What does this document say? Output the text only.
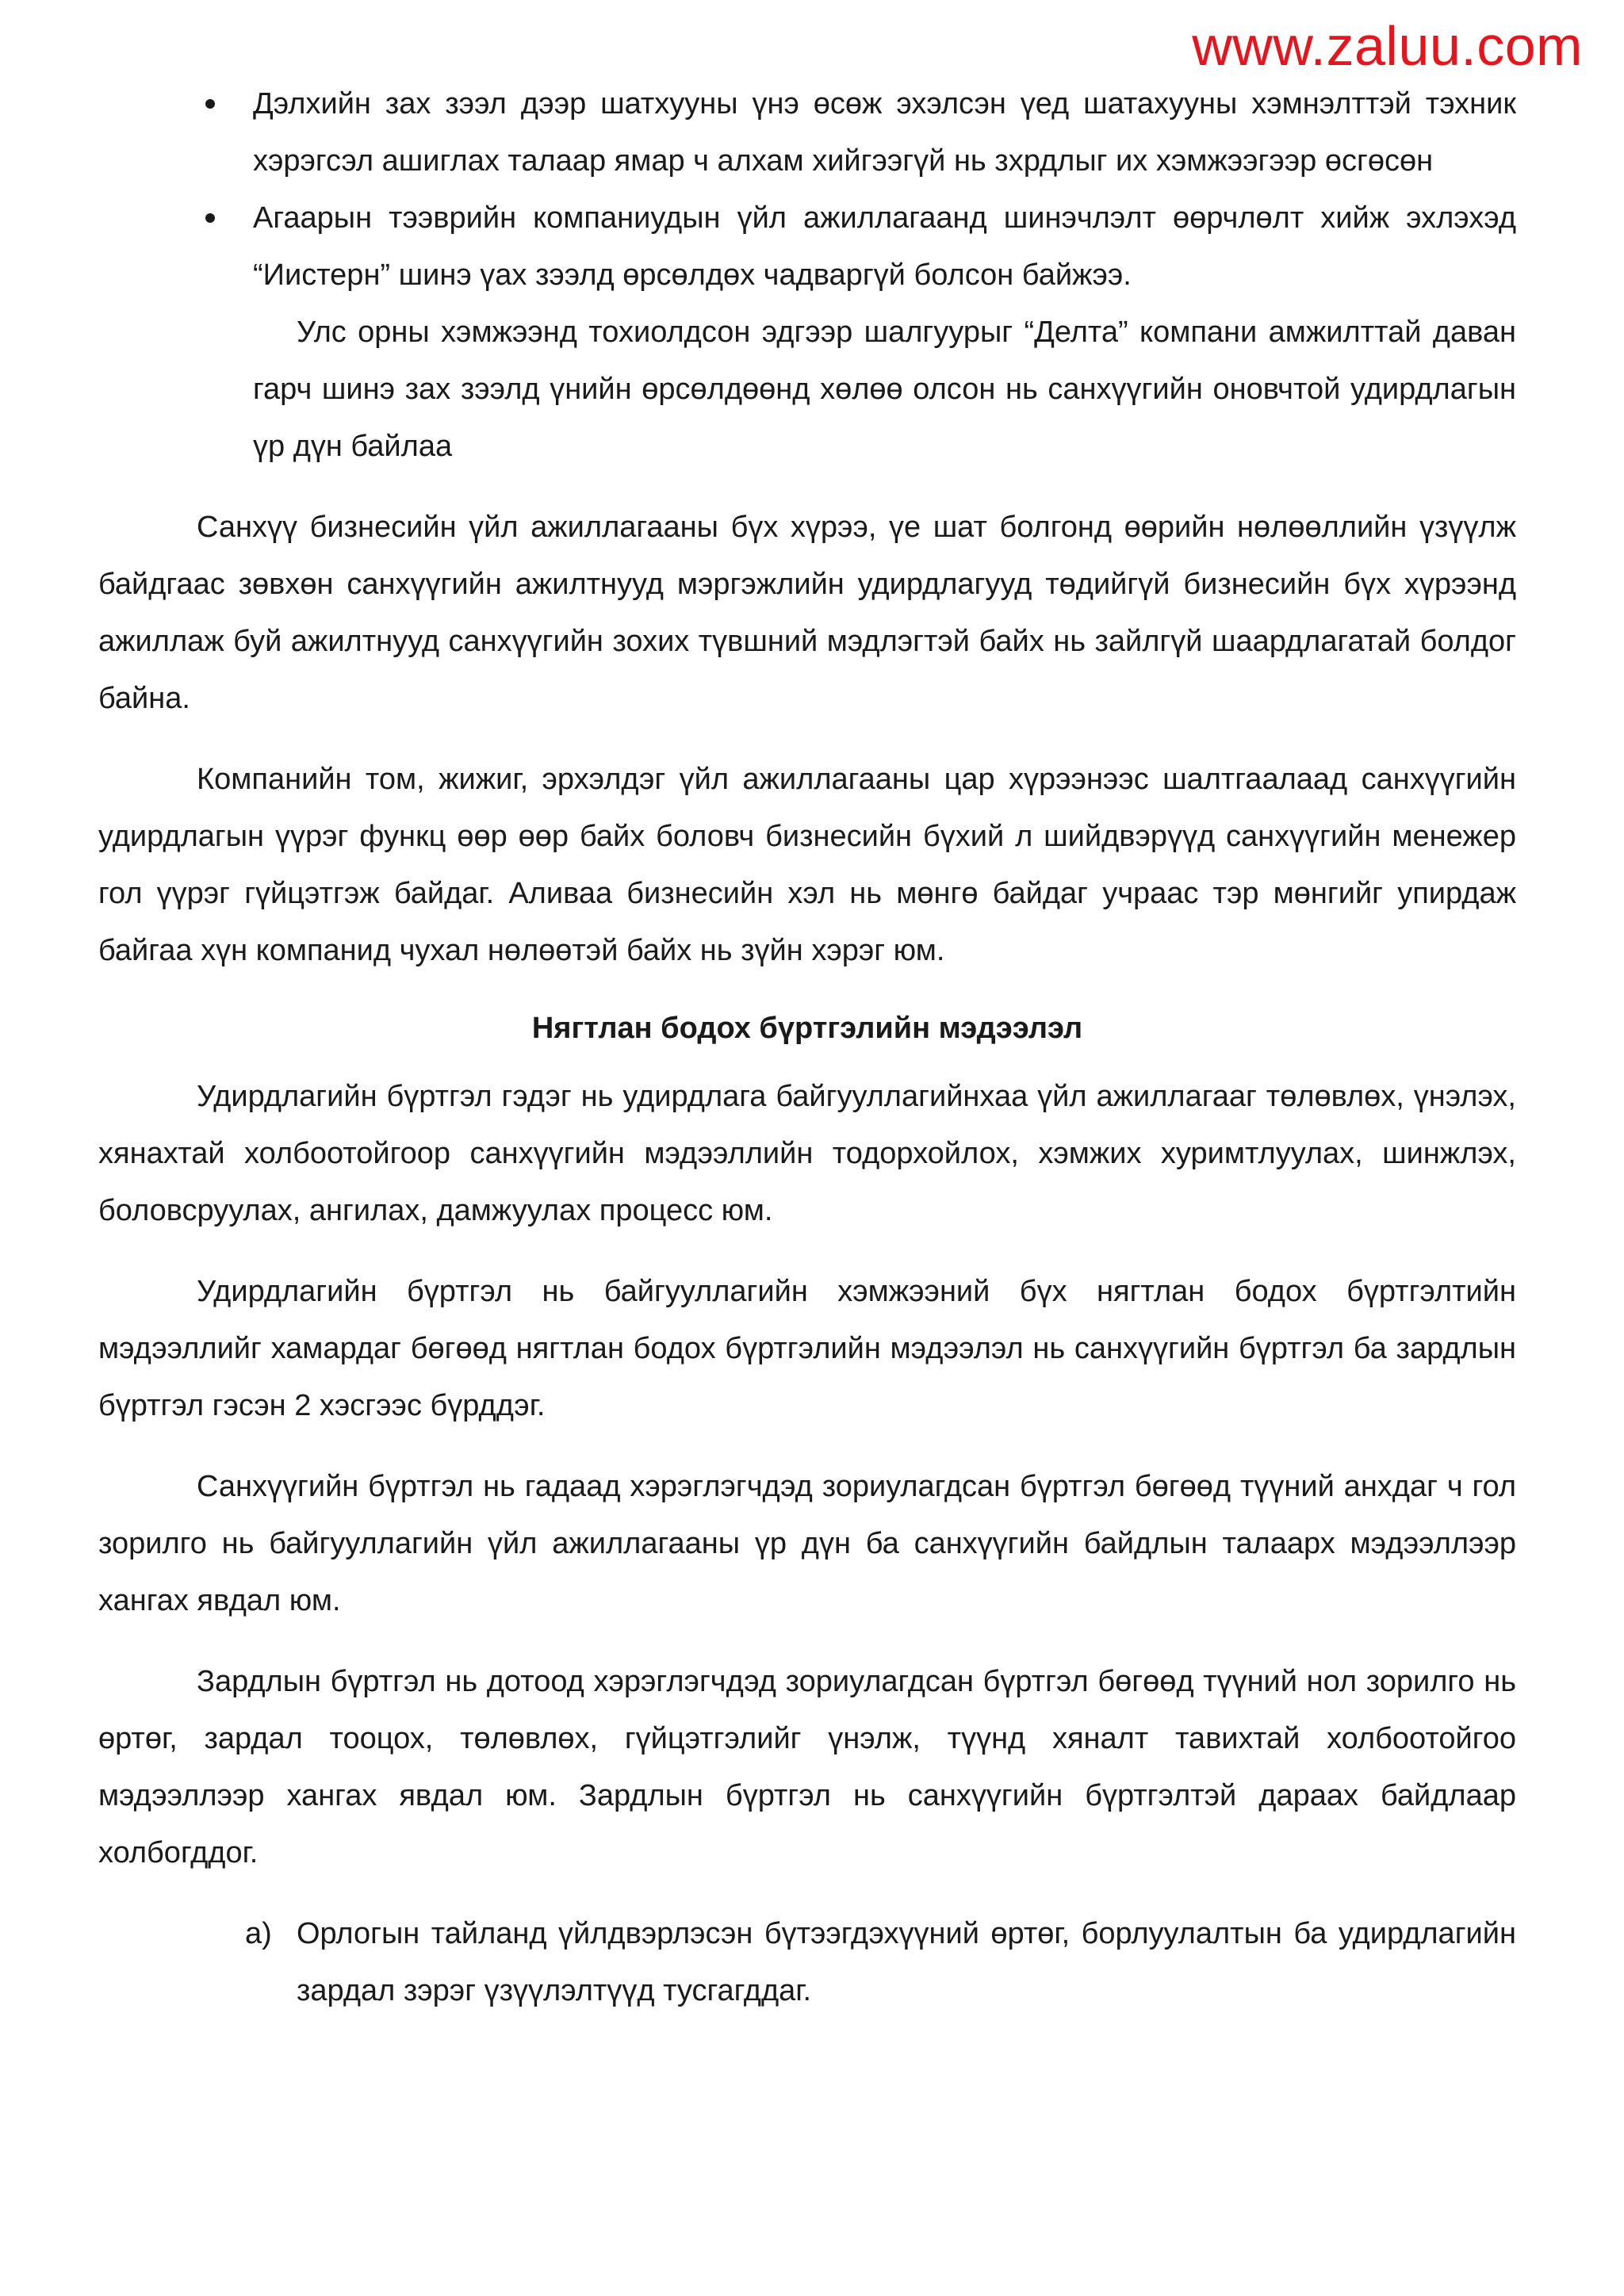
www.zaluu.com
Дэлхийн зах зээл дээр шатхууны үнэ өсөж эхэлсэн үед шатахууны хэмнэлттэй тэхник хэрэгсэл ашиглах талаар ямар ч алхам хийгээгүй нь зхрдлыг их хэмжээгээр өсгөсөн
Агаарын тээврийн компаниудын үйл ажиллагаанд шинэчлэлт өөрчлөлт хийж эхлэхэд “Иистерн” шинэ үах зээлд өрсөлдөх чадваргүй болсон байжээ.

Улс орны хэмжээнд тохиолдсон эдгээр шалгуурыг “Делта” компани амжилттай даван гарч шинэ зах зээлд үнийн өрсөлдөөнд хөлөө олсон нь санхүүгийн оновчтой удирдлагын үр дүн байлаа

Санхүү бизнесийн үйл ажиллагааны бүх хүрээ, үе шат болгонд өөрийн нөлөөллийн үзүүлж байдгаас зөвхөн санхүүгийн ажилтнууд мэргэжлийн удирдлагууд төдийгүй бизнесийн бүх хүрээнд ажиллаж буй ажилтнууд санхүүгийн зохих түвшний мэдлэгтэй байх нь зайлгүй шаардлагатай болдог байна.

Компанийн том, жижиг, эрхэлдэг үйл ажиллагааны цар хүрээнээс шалтгаалаад санхүүгийн удирдлагын үүрэг функц өөр өөр байх боловч бизнесийн бүхий л шийдвэрүүд санхүүгийн менежер гол үүрэг гүйцэтгэж байдаг. Аливаа бизнесийн хэл нь мөнгө байдаг учраас тэр мөнгийг упирдаж байгаа хүн компанид чухал нөлөөтэй байх нь зүйн хэрэг юм.

Нягтлан бодох бүртгэлийн мэдээлэл

Удирдлагийн бүртгэл гэдэг нь удирдлага байгууллагийнхаа үйл ажиллагааг төлөвлөх, үнэлэх, хянахтай холбоотойгоор санхүүгийн мэдээллийн тодорхойлох, хэмжих хуримтлуулах, шинжлэх, боловсруулах, ангилах, дамжуулах процесс юм.

Удирдлагийн бүртгэл нь байгууллагийн хэмжээний бүх нягтлан бодох бүртгэлтийн мэдээллийг хамардаг бөгөөд нягтлан бодох бүртгэлийн мэдээлэл нь санхүүгийн бүртгэл ба зардлын бүртгэл гэсэн 2 хэсгээс бүрддэг.

Санхүүгийн бүртгэл нь гадаад хэрэглэгчдэд зориулагдсан бүртгэл бөгөөд түүний анхдаг ч гол зорилго нь байгууллагийн үйл ажиллагааны үр дүн ба санхүүгийн байдлын талаарх мэдээллээр хангах явдал юм.

Зардлын бүртгэл нь дотоод хэрэглэгчдэд зориулагдсан бүртгэл бөгөөд түүний нол зорилго нь өртөг, зардал тооцох, төлөвлөх, гүйцэтгэлийг үнэлж, түүнд хяналт тавихтай холбоотойгоо мэдээллээр хангах явдал юм. Зардлын бүртгэл нь санхүүгийн бүртгэлтэй дараах байдлаар холбогддог.

а) Орлогын тайланд үйлдвэрлэсэн бүтээгдэхүүний өртөг, борлуулалтын ба удирдлагийн зардал зэрэг үзүүлэлтүүд тусгагддаг.
